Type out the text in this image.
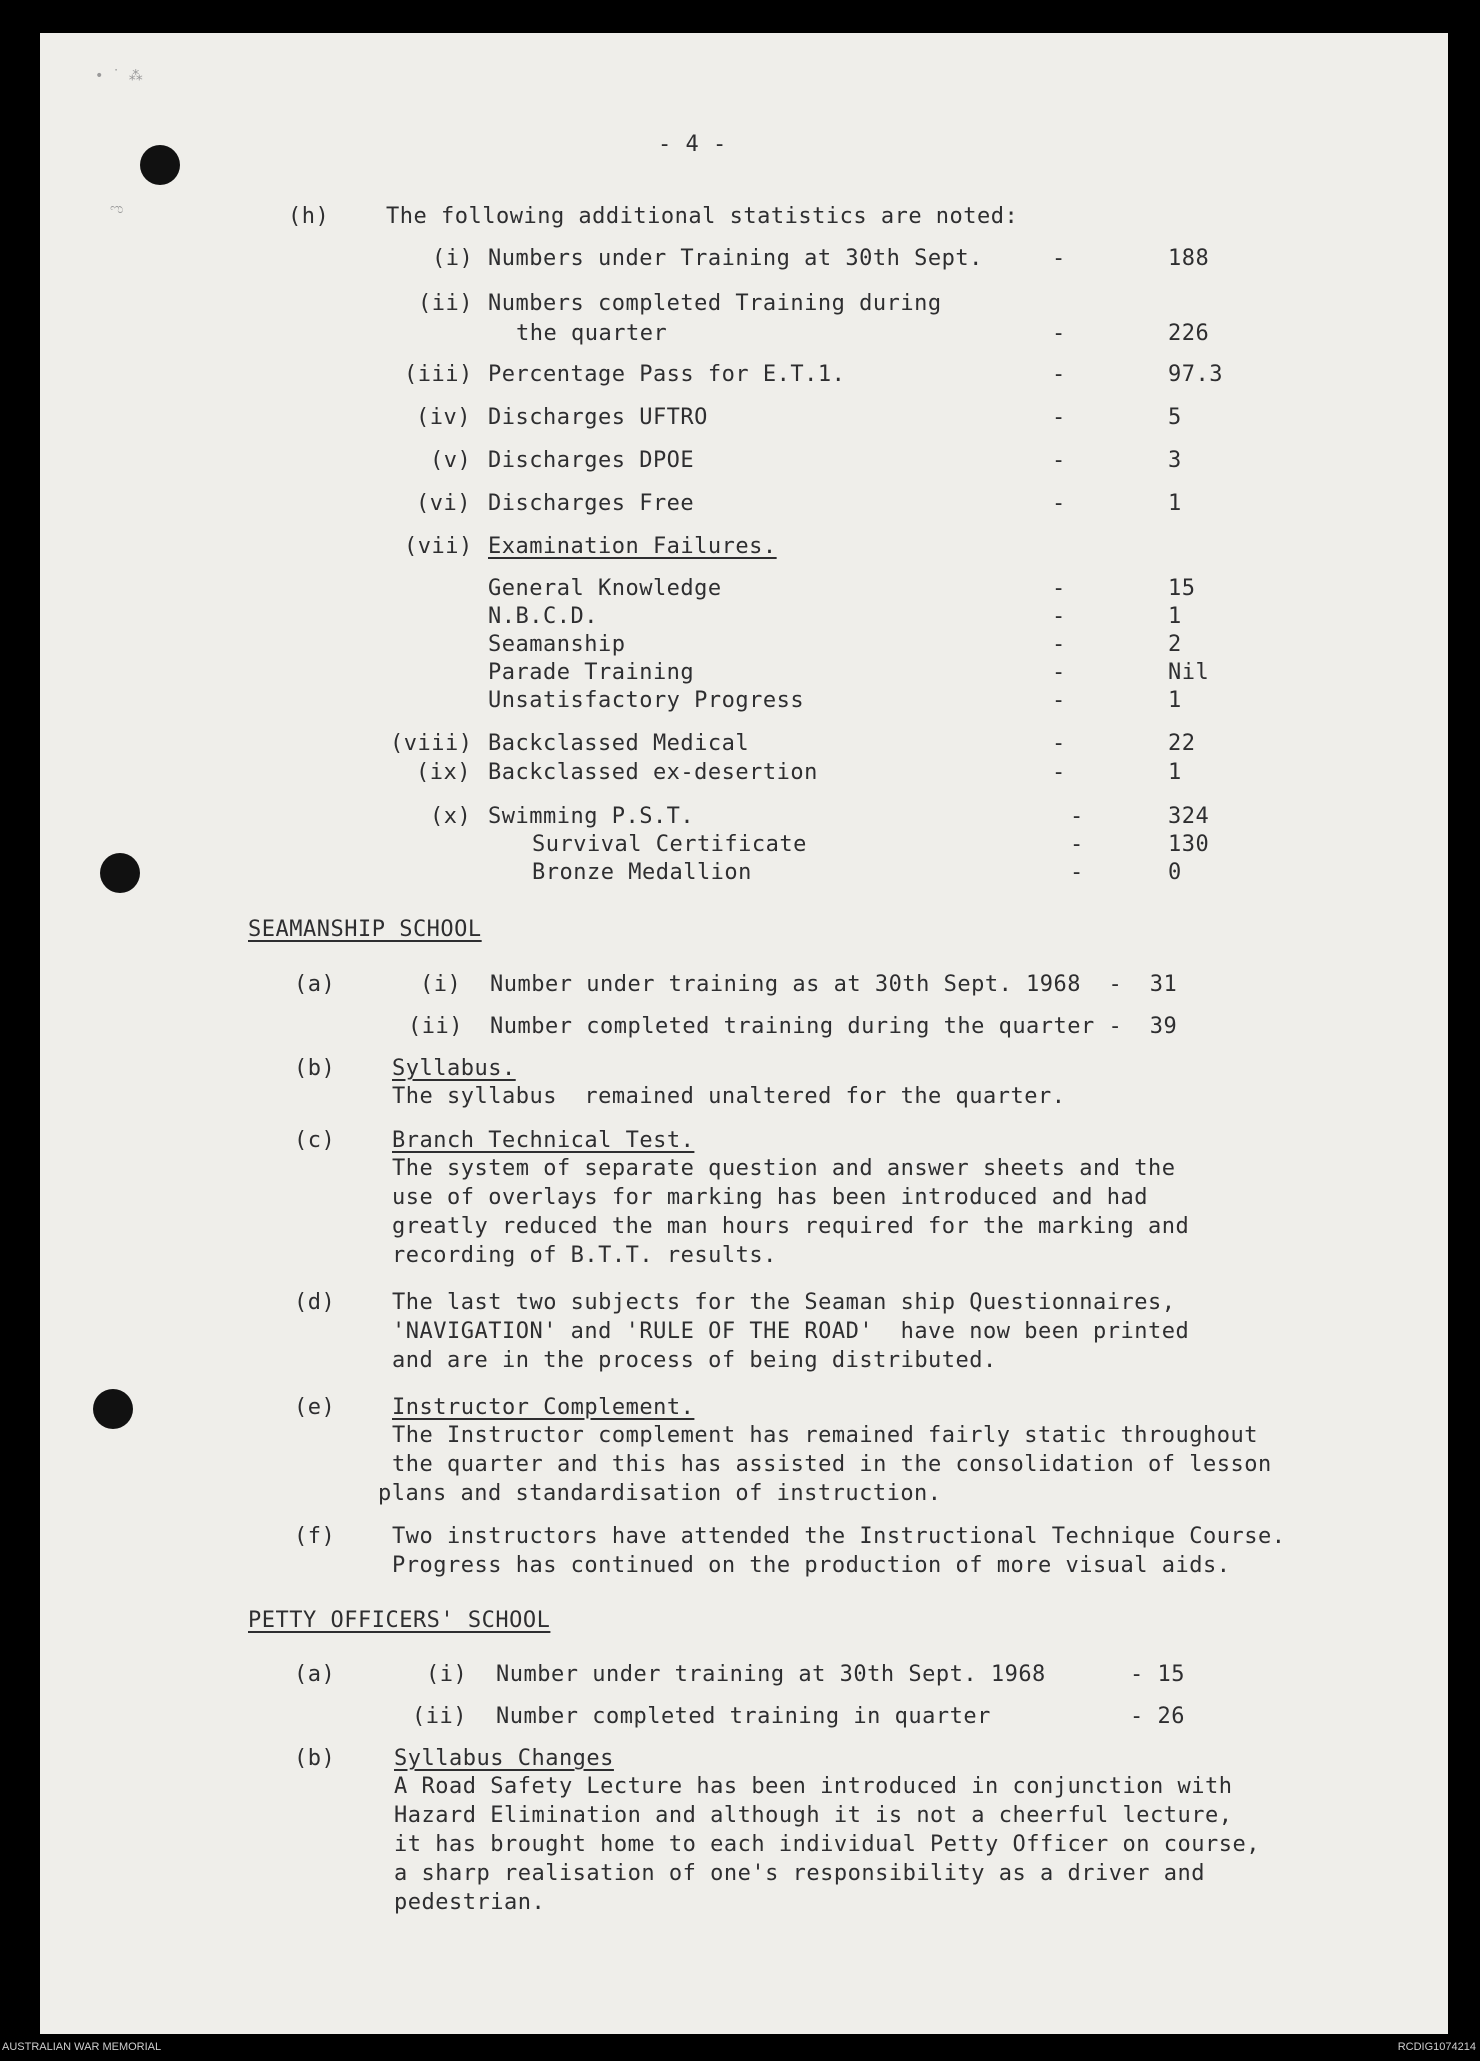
• ˙ ⁂
ಌ
- 4 -
(h)	The following additional statistics are noted:
(i) Numbers under Training at 30th Sept.	-	188
(ii) Numbers completed Training during
the quarter	-	226
(iii) Percentage Pass for E.T.1.	-	97.3
(iv) Discharges UFTRO	-	5
(v) Discharges DPOE	-	3
(vi) Discharges Free	-	1
(vii) Examination Failures.
General Knowledge	-	15
N.B.C.D.	-	1
Seamanship	-	2
Parade Training	-	Nil
Unsatisfactory Progress	-	1
(viii) Backclassed Medical	-	22
(ix) Backclassed ex-desertion	-	1
(x) Swimming P.S.T.	-	324
Survival Certificate	-	130
Bronze Medallion	-	0
SEAMANSHIP SCHOOL
(a)	(i) Number under training as at 30th Sept. 1968  -  31
(ii) Number completed training during the quarter -  39
(b)	Syllabus.
The syllabus  remained unaltered for the quarter.
(c)	Branch Technical Test.
The system of separate question and answer sheets and the
use of overlays for marking has been introduced and had
greatly reduced the man hours required for the marking and
recording of B.T.T. results.
(d)	The last two subjects for the Seaman ship Questionnaires,
'NAVIGATION' and 'RULE OF THE ROAD'  have now been printed
and are in the process of being distributed.
(e)	Instructor Complement.
The Instructor complement has remained fairly static throughout
the quarter and this has assisted in the consolidation of lesson
plans and standardisation of instruction.
(f)	Two instructors have attended the Instructional Technique Course.
Progress has continued on the production of more visual aids.
PETTY OFFICERS' SCHOOL
(a)	(i) Number under training at 30th Sept. 1968	- 15
(ii) Number completed training in quarter	- 26
(b)	Syllabus Changes
A Road Safety Lecture has been introduced in conjunction with
Hazard Elimination and although it is not a cheerful lecture,
it has brought home to each individual Petty Officer on course,
a sharp realisation of one's responsibility as a driver and
pedestrian.
AUSTRALIAN WAR MEMORIAL	RCDIG1074214
